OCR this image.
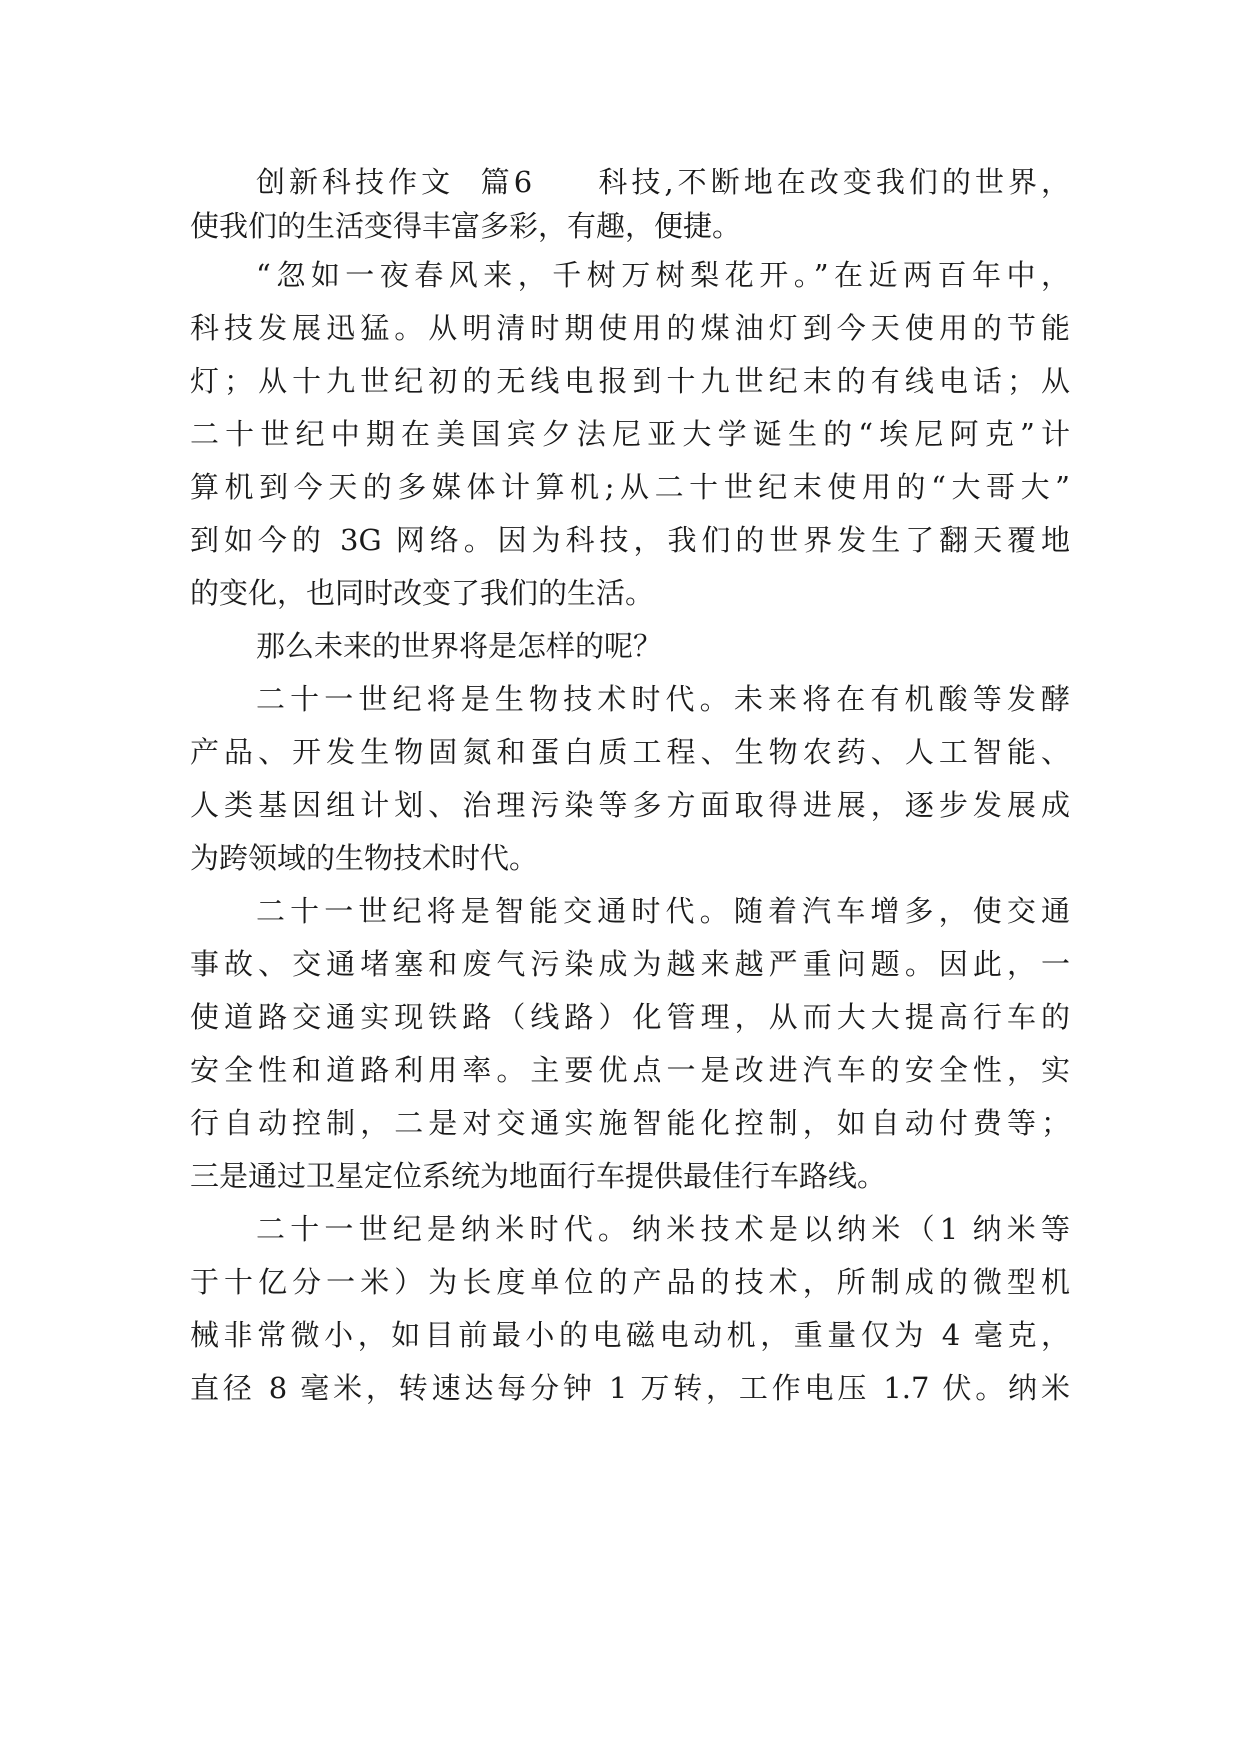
创新科技作文  篇6     科技,不断地在改变我们的世界，
使我们的生活变得丰富多彩，有趣，便捷。
“忽如一夜春风来，千树万树梨花开。”在近两百年中，
科技发展迅猛。从明清时期使用的煤油灯到今天使用的节能
灯；从十九世纪初的无线电报到十九世纪末的有线电话；从
二十世纪中期在美国宾夕法尼亚大学诞生的“埃尼阿克”计
算机到今天的多媒体计算机;从二十世纪末使用的“大哥大”
到如今的 3G 网络。因为科技，我们的世界发生了翻天覆地
的变化，也同时改变了我们的生活。
那么未来的世界将是怎样的呢？
二十一世纪将是生物技术时代。未来将在有机酸等发酵
产品、开发生物固氮和蛋白质工程、生物农药、人工智能、
人类基因组计划、治理污染等多方面取得进展，逐步发展成
为跨领域的生物技术时代。
二十一世纪将是智能交通时代。随着汽车增多，使交通
事故、交通堵塞和废气污染成为越来越严重问题。因此，一
使道路交通实现铁路（线路）化管理，从而大大提高行车的
安全性和道路利用率。主要优点一是改进汽车的安全性，实
行自动控制，二是对交通实施智能化控制，如自动付费等；
三是通过卫星定位系统为地面行车提供最佳行车路线。
二十一世纪是纳米时代。纳米技术是以纳米（1 纳米等
于十亿分一米）为长度单位的产品的技术，所制成的微型机
械非常微小，如目前最小的电磁电动机，重量仅为 4 毫克，
直径 8 毫米，转速达每分钟 1 万转，工作电压 1.7 伏。纳米
